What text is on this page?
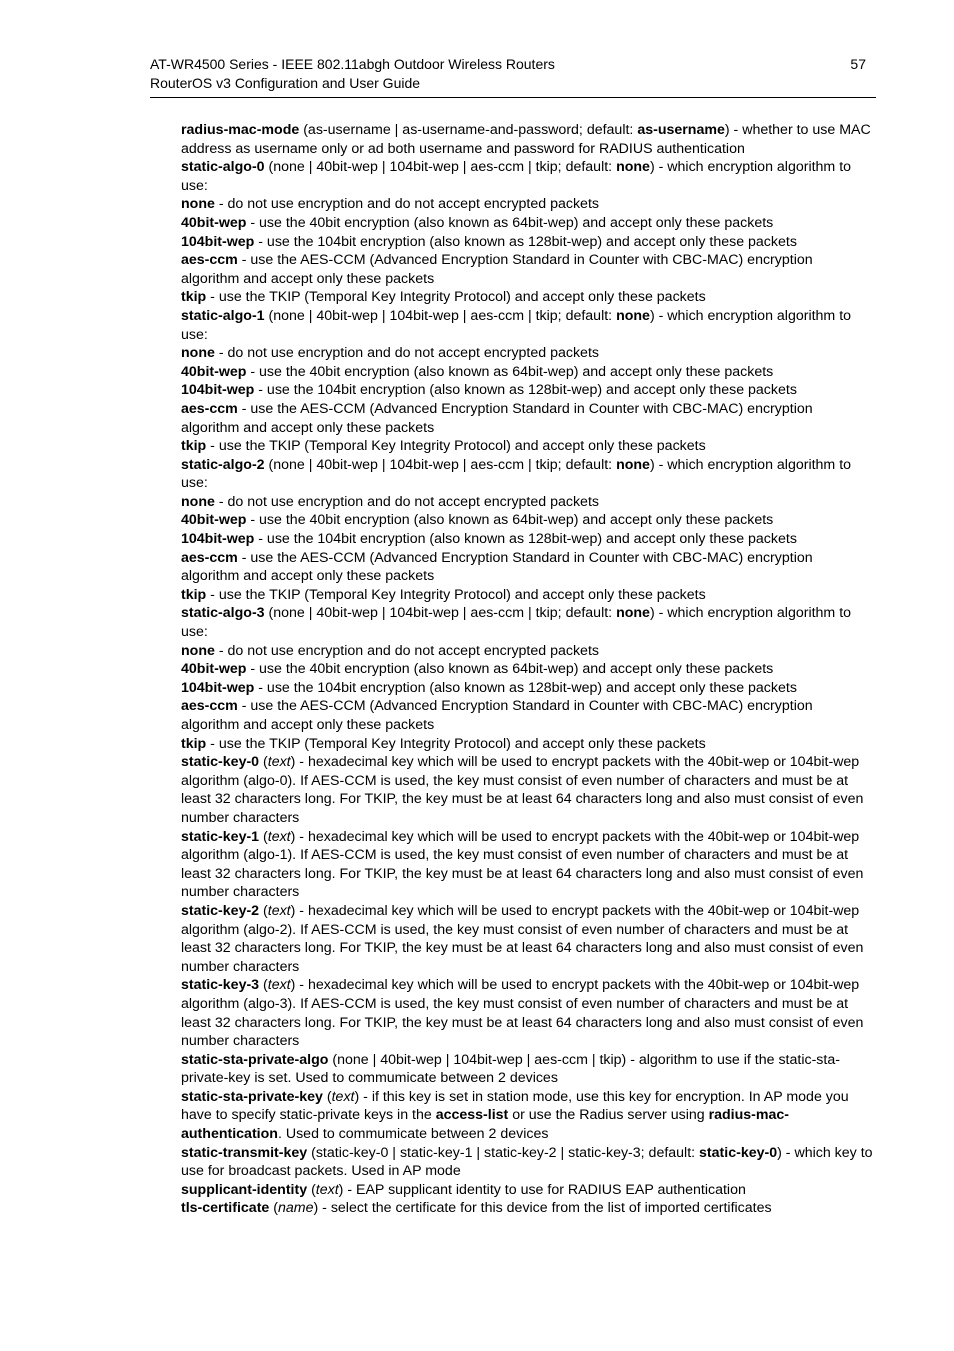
AT-WR4500 Series - IEEE 802.11abgh Outdoor Wireless Routers
RouterOS v3 Configuration and User Guide
57

radius-mac-mode (as-username | as-username-and-password; default: as-username) - whether to use MAC address as username only or ad both username and password for RADIUS authentication

static-algo-0 (none | 40bit-wep | 104bit-wep | aes-ccm | tkip; default: none) - which encryption algorithm to use:

none - do not use encryption and do not accept encrypted packets

40bit-wep - use the 40bit encryption (also known as 64bit-wep) and accept only these packets

104bit-wep - use the 104bit encryption (also known as 128bit-wep) and accept only these packets

aes-ccm - use the AES-CCM (Advanced Encryption Standard in Counter with CBC-MAC) encryption algorithm and accept only these packets

tkip - use the TKIP (Temporal Key Integrity Protocol) and accept only these packets

static-algo-1 (none | 40bit-wep | 104bit-wep | aes-ccm | tkip; default: none) - which encryption algorithm to use:

none - do not use encryption and do not accept encrypted packets

40bit-wep - use the 40bit encryption (also known as 64bit-wep) and accept only these packets

104bit-wep - use the 104bit encryption (also known as 128bit-wep) and accept only these packets

aes-ccm - use the AES-CCM (Advanced Encryption Standard in Counter with CBC-MAC) encryption algorithm and accept only these packets

tkip - use the TKIP (Temporal Key Integrity Protocol) and accept only these packets

static-algo-2 (none | 40bit-wep | 104bit-wep | aes-ccm | tkip; default: none) - which encryption algorithm to use:

none - do not use encryption and do not accept encrypted packets

40bit-wep - use the 40bit encryption (also known as 64bit-wep) and accept only these packets

104bit-wep - use the 104bit encryption (also known as 128bit-wep) and accept only these packets

aes-ccm - use the AES-CCM (Advanced Encryption Standard in Counter with CBC-MAC) encryption algorithm and accept only these packets

tkip - use the TKIP (Temporal Key Integrity Protocol) and accept only these packets

static-algo-3 (none | 40bit-wep | 104bit-wep | aes-ccm | tkip; default: none) - which encryption algorithm to use:

none - do not use encryption and do not accept encrypted packets

40bit-wep - use the 40bit encryption (also known as 64bit-wep) and accept only these packets

104bit-wep - use the 104bit encryption (also known as 128bit-wep) and accept only these packets

aes-ccm - use the AES-CCM (Advanced Encryption Standard in Counter with CBC-MAC) encryption algorithm and accept only these packets

tkip - use the TKIP (Temporal Key Integrity Protocol) and accept only these packets

static-key-0 (text) - hexadecimal key which will be used to encrypt packets with the 40bit-wep or 104bit-wep algorithm (algo-0). If AES-CCM is used, the key must consist of even number of characters and must be at least 32 characters long. For TKIP, the key must be at least 64 characters long and also must consist of even number characters

static-key-1 (text) - hexadecimal key which will be used to encrypt packets with the 40bit-wep or 104bit-wep algorithm (algo-1). If AES-CCM is used, the key must consist of even number of characters and must be at least 32 characters long. For TKIP, the key must be at least 64 characters long and also must consist of even number characters

static-key-2 (text) - hexadecimal key which will be used to encrypt packets with the 40bit-wep or 104bit-wep algorithm (algo-2). If AES-CCM is used, the key must consist of even number of characters and must be at least 32 characters long. For TKIP, the key must be at least 64 characters long and also must consist of even number characters

static-key-3 (text) - hexadecimal key which will be used to encrypt packets with the 40bit-wep or 104bit-wep algorithm (algo-3). If AES-CCM is used, the key must consist of even number of characters and must be at least 32 characters long. For TKIP, the key must be at least 64 characters long and also must consist of even number characters

static-sta-private-algo (none | 40bit-wep | 104bit-wep | aes-ccm | tkip) - algorithm to use if the static-sta-private-key is set. Used to commumicate between 2 devices

static-sta-private-key (text) - if this key is set in station mode, use this key for encryption. In AP mode you have to specify static-private keys in the access-list or use the Radius server using radius-mac-authentication. Used to commumicate between 2 devices

static-transmit-key (static-key-0 | static-key-1 | static-key-2 | static-key-3; default: static-key-0) - which key to use for broadcast packets. Used in AP mode

supplicant-identity (text) - EAP supplicant identity to use for RADIUS EAP authentication

tls-certificate (name) - select the certificate for this device from the list of imported certificates
